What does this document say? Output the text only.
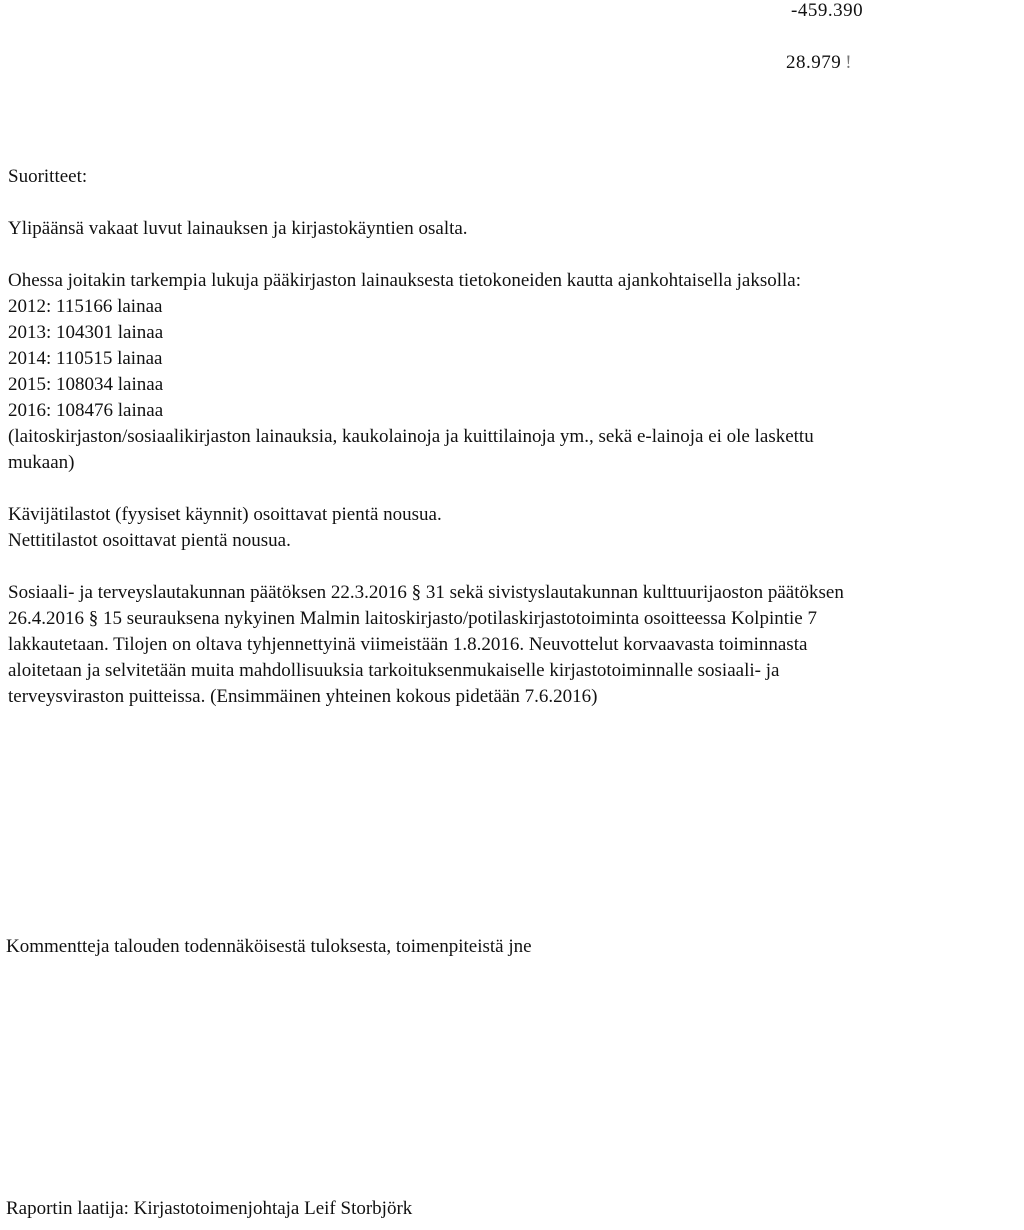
-459.390
28.979 !
Suoritteet:
Ylipäänsä vakaat luvut lainauksen ja kirjastokäyntien osalta.
Ohessa joitakin tarkempia lukuja pääkirjaston lainauksesta tietokoneiden kautta ajankohtaisella jaksolla:
2012: 115166 lainaa
2013: 104301 lainaa
2014: 110515 lainaa
2015: 108034 lainaa
2016: 108476 lainaa
(laitoskirjaston/sosiaalikirjaston lainauksia, kaukolainoja ja kuittilainoja ym., sekä e-lainoja ei ole laskettu
mukaan)
Kävijätilastot (fyysiset käynnit) osoittavat pientä nousua.
Nettitilastot osoittavat pientä nousua.
Sosiaali- ja terveyslautakunnan päätöksen 22.3.2016 § 31 sekä sivistyslautakunnan kulttuurijaoston päätöksen
26.4.2016 § 15 seurauksena nykyinen Malmin laitoskirjasto/potilaskirjastotoiminta osoitteessa Kolpintie 7
lakkautetaan. Tilojen on oltava tyhjennettyinä viimeistään 1.8.2016. Neuvottelut korvaavasta toiminnasta
aloitetaan ja selvitetään muita mahdollisuuksia tarkoituksenmukaiselle kirjastotoiminnalle sosiaali- ja
terveysviraston puitteissa. (Ensimmäinen yhteinen kokous pidetään 7.6.2016)
Kommentteja talouden todennäköisestä tuloksesta, toimenpiteistä jne
Raportin laatija: Kirjastotoimenjohtaja Leif Storbjörk
